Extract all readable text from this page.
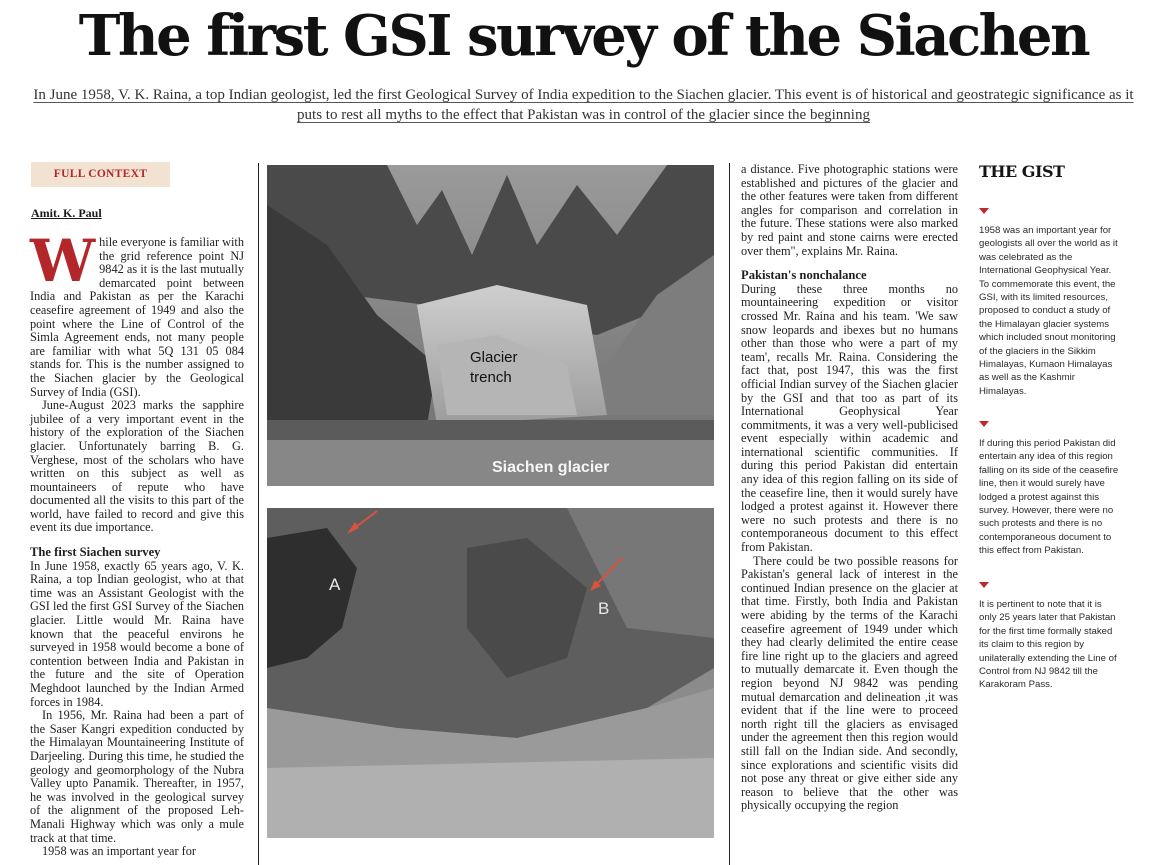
The first GSI survey of the Siachen

In June 1958, V. K. Raina, a top Indian geologist, led the first Geological Survey of India expedition to the Siachen glacier. This event is of historical and geostrategic significance as it puts to rest all myths to the effect that Pakistan was in control of the glacier since the beginning

FULL CONTEXT
Amit. K. Paul

While everyone is familiar with the grid reference point NJ 9842 as it is the last mutually demarcated point between India and Pakistan as per the Karachi ceasefire agreement of 1949 and also the point where the Line of Control of the Simla Agreement ends, not many people are familiar with what 5Q 131 05 084 stands for. This is the number assigned to the Siachen glacier by the Geological Survey of India (GSI).

June-August 2023 marks the sapphire jubilee of a very important event in the history of the exploration of the Siachen glacier. Unfortunately barring B. G. Verghese, most of the scholars who have written on this subject as well as mountaineers of repute who have documented all the visits to this part of the world, have failed to record and give this event its due importance.

The first Siachen survey

In June 1958, exactly 65 years ago, V. K. Raina, a top Indian geologist, who at that time was an Assistant Geologist with the GSI led the first GSI Survey of the Siachen glacier. Little would Mr. Raina have known that the peaceful environs he surveyed in 1958 would become a bone of contention between India and Pakistan in the future and the site of Operation Meghdoot launched by the Indian Armed forces in 1984.

In 1956, Mr. Raina had been a part of the Saser Kangri expedition conducted by the Himalayan Mountaineering Institute of Darjeeling. During this time, he studied the geology and geomorphology of the Nubra Valley upto Panamik. Thereafter, in 1957, he was involved in the geological survey of the alignment of the proposed Leh-Manali Highway which was only a mule track at that time.

1958 was an important year for

Glacier
trench
Siachen glacier
A
B

a distance. Five photographic stations were established and pictures of the glacier and the other features were taken from different angles for comparison and correlation in the future. These stations were also marked by red paint and stone cairns were erected over them", explains Mr. Raina.

Pakistan's nonchalance

During these three months no mountaineering expedition or visitor crossed Mr. Raina and his team. 'We saw snow leopards and ibexes but no humans other than those who were a part of my team', recalls Mr. Raina. Considering the fact that, post 1947, this was the first official Indian survey of the Siachen glacier by the GSI and that too as part of its International Geophysical Year commitments, it was a very well-publicised event especially within academic and international scientific communities. If during this period Pakistan did entertain any idea of this region falling on its side of the ceasefire line, then it would surely have lodged a protest against it. However there were no such protests and there is no contemporaneous document to this effect from Pakistan.

There could be two possible reasons for Pakistan's general lack of interest in the continued Indian presence on the glacier at that time. Firstly, both India and Pakistan were abiding by the terms of the Karachi ceasefire agreement of 1949 under which they had clearly delimited the entire cease fire line right up to the glaciers and agreed to mutually demarcate it. Even though the region beyond NJ 9842 was pending mutual demarcation and delineation ,it was evident that if the line were to proceed north right till the glaciers as envisaged under the agreement then this region would still fall on the Indian side. And secondly, since explorations and scientific visits did not pose any threat or give either side any reason to believe that the other was physically occupying the region

THE GIST

1958 was an important year for geologists all over the world as it was celebrated as the International Geophysical Year. To commemorate this event, the GSI, with its limited resources, proposed to conduct a study of the Himalayan glacier systems which included snout monitoring of the glaciers in the Sikkim Himalayas, Kumaon Himalayas as well as the Kashmir Himalayas.

If during this period Pakistan did entertain any idea of this region falling on its side of the ceasefire line, then it would surely have lodged a protest against this survey. However, there were no such protests and there is no contemporaneous document to this effect from Pakistan.

It is pertinent to note that it is only 25 years later that Pakistan for the first time formally staked its claim to this region by unilaterally extending the Line of Control from NJ 9842 till the Karakoram Pass.
